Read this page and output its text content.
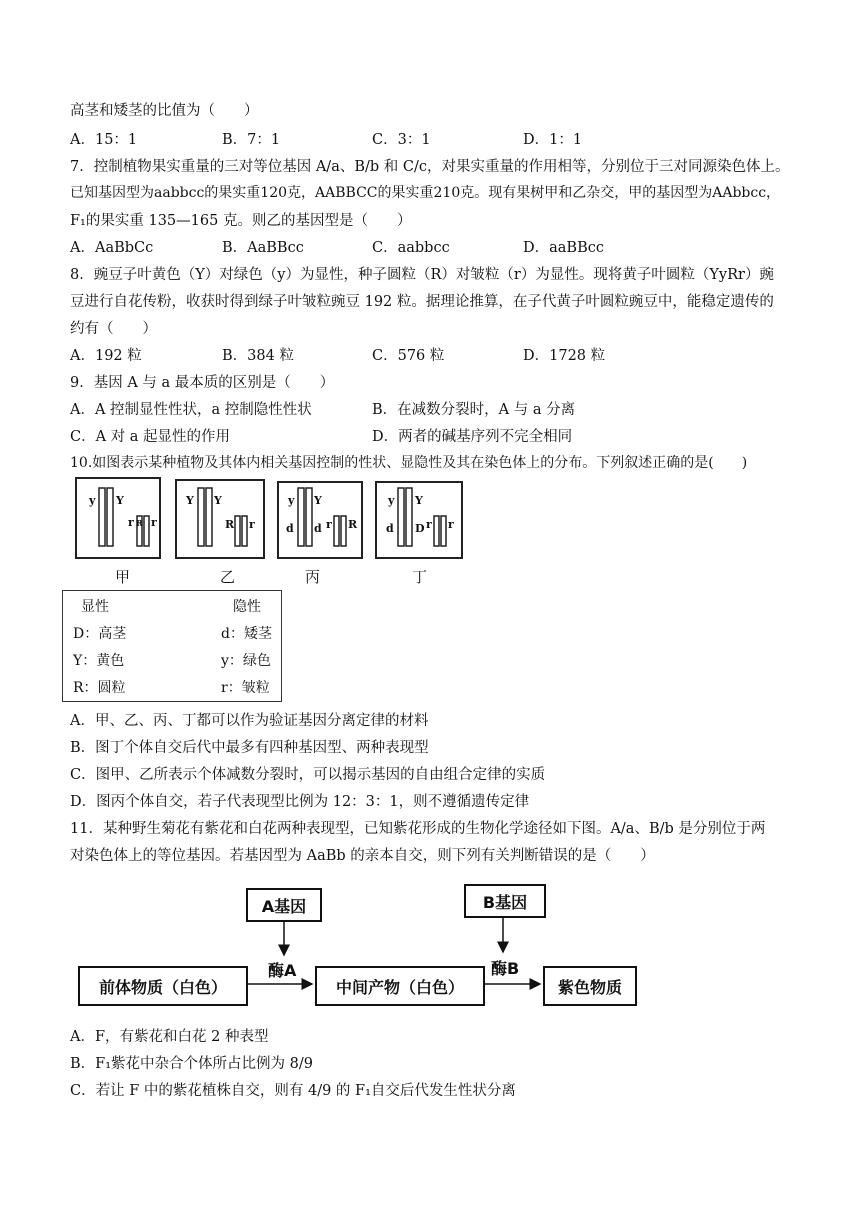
高茎和矮茎的比值为（　　）
A．15：1	B．7：1	C．3：1	D．1：1
7．控制植物果实重量的三对等位基因 A/a、B/b 和 C/c，对果实重量的作用相等，分别位于三对同源染色体上。
已知基因型为aabbcc的果实重120克，AABBCC的果实重210克。现有果树甲和乙杂交，甲的基因型为AAbbcc，
F₁的果实重 135—165 克。则乙的基因型是（　　）
A．AaBbCc	B．AaBBcc	C．aabbcc	D．aaBBcc
8．豌豆子叶黄色（Y）对绿色（y）为显性，种子圆粒（R）对皱粒（r）为显性。现将黄子叶圆粒（YyRr）豌
豆进行自花传粉，收获时得到绿子叶皱粒豌豆 192 粒。据理论推算，在子代黄子叶圆粒豌豆中，能稳定遗传的
约有（　　）
A．192 粒	B．384 粒	C．576 粒	D．1728 粒
9．基因 A 与 a 最本质的区别是（　　）
A．A 控制显性性状，a 控制隐性性状	B．在减数分裂时，A 与 a 分离
C．A 对 a 起显性的作用	D．两者的碱基序列不完全相同
10.如图表示某种植物及其体内相关基因控制的性状、显隐性及其在染色体上的分布。下列叙述正确的是(　　)
y Y
r R r
Y Y
R r
y Y
d d r R
y Y
d D r r
甲	乙	丙	丁
显性	隐性
D：高茎	d：矮茎
Y：黄色	y：绿色
R：圆粒	r：皱粒
A．甲、乙、丙、丁都可以作为验证基因分离定律的材料
B．图丁个体自交后代中最多有四种基因型、两种表现型
C．图甲、乙所表示个体减数分裂时，可以揭示基因的自由组合定律的实质
D．图丙个体自交，若子代表现型比例为 12：3：1，则不遵循遗传定律
11．某种野生菊花有紫花和白花两种表现型，已知紫花形成的生物化学途径如下图。A/a、B/b 是分别位于两
对染色体上的等位基因。若基因型为 AaBb 的亲本自交，则下列有关判断错误的是（　　）
A基因	B基因
前体物质（白色）	中间产物（白色）	紫色物质
酶A	酶B
A．F，有紫花和白花 2 种表型
B．F₁紫花中杂合个体所占比例为 8/9
C．若让 F 中的紫花植株自交，则有 4/9 的 F₁自交后代发生性状分离
